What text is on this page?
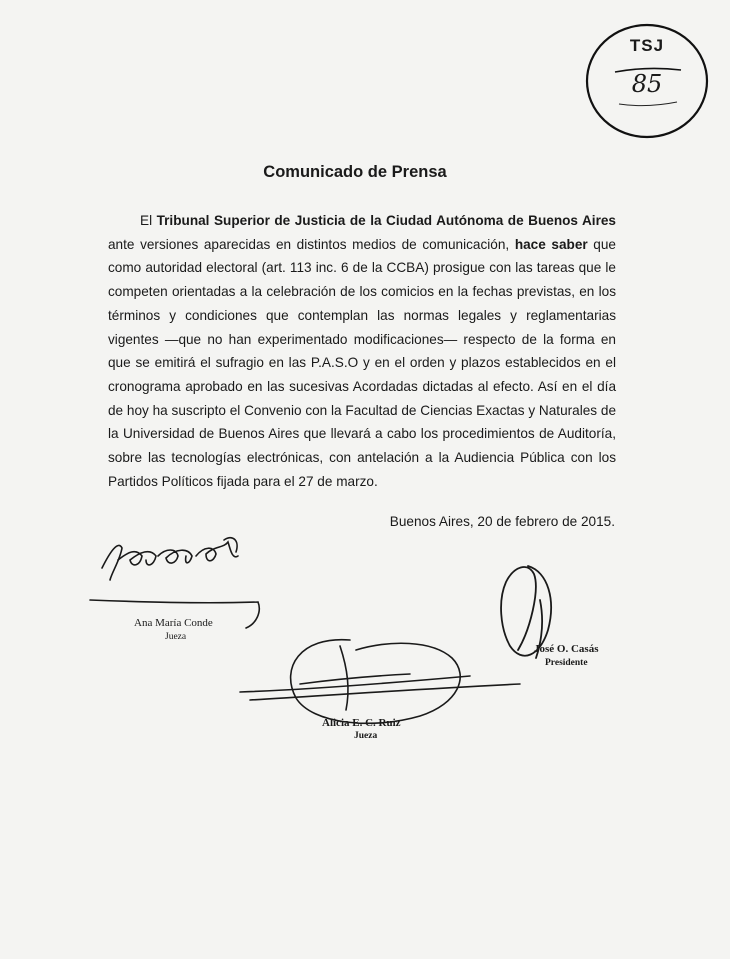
TSJ
85
Comunicado de Prensa

El Tribunal Superior de Justicia de la Ciudad Autónoma de Buenos Aires ante versiones aparecidas en distintos medios de comunicación, hace saber que como autoridad electoral (art. 113 inc. 6 de la CCBA) prosigue con las tareas que le competen orientadas a la celebración de los comicios en la fechas previstas, en los términos y condiciones que contemplan las normas legales y reglamentarias vigentes —que no han experimentado modificaciones— respecto de la forma en que se emitirá el sufragio en las P.A.S.O y en el orden y plazos establecidos en el cronograma aprobado en las sucesivas Acordadas dictadas al efecto. Así en el día de hoy ha suscripto el Convenio con la Facultad de Ciencias Exactas y Naturales de la Universidad de Buenos Aires que llevará a cabo los procedimientos de Auditoría, sobre las tecnologías electrónicas, con antelación a la Audiencia Pública con los Partidos Políticos fijada para el 27 de marzo.

Buenos Aires, 20 de febrero de 2015.
Ana María Conde
Jueza
José O. Casás
Presidente
Alicia E. C. Ruiz
Jueza
